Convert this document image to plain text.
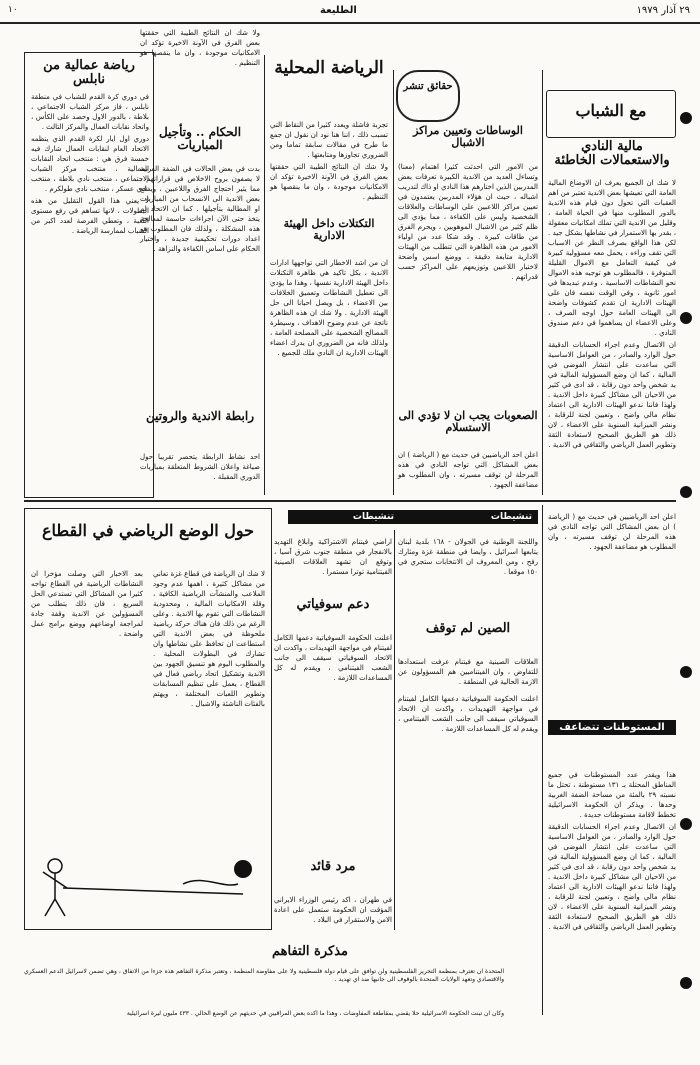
١٠	الطليعة	٢٩ آذار ١٩٧٩
مع الشباب
مالية النادي والاستعمالات الخاطئة

لا شك ان الجميع يعرف ان الاوضاع المالية العامة التي تعيشها بعض الاندية تعتبر من اهم العقبات التي تحول دون قيام هذه الاندية بالدور المطلوب منها في الحياة العامة ، وقليل من الاندية التي تملك امكانيات معقولة ، بقدر بها الاستمرار في نشاطها بشكل جيد . لكن هذا الواقع بصرف النظر عن الاسباب التي تقف وراءه ، يحمل معه مسؤولية كبيرة في كيفية التعامل مع الاموال القليلة المتوفرة ، فالمطلوب هو توجيه هذه الاموال نحو النشاطات الاساسية ، وعدم تبديدها في امور ثانوية ، وفي الوقت نفسه فان على الهيئات الادارية ان تقدم كشوفات واضحة الى الهيئات العامة حول اوجه الصرف ، وعلى الاعضاء ان يساهموا في دعم صندوق النادي .

ان الاتصال وعدم اجراء الحسابات الدقيقة حول الوارد والصادر ، من العوامل الاساسية التي ساعدت على انتشار الفوضى في المالية ، كما ان وضع المسؤولية المالية في يد شخص واحد دون رقابة ، قد ادى في كثير من الاحيان الى مشاكل كبيرة داخل الاندية . ولهذا فاننا ندعو الهيئات الادارية الى اعتماد نظام مالي واضح ، وتعيين لجنة للرقابة ، ونشر الميزانية السنوية على الاعضاء ، لان ذلك هو الطريق الصحيح لاستعادة الثقة وتطوير العمل الرياضي والثقافي في الاندية .

حقائق تنشر
الوساطات وتعيين مراكز الاشبال

من الامور التي احدثت كثيرا اهتمام (معنا) وتساءل العديد من الاندية الكبيرة تعرفات بعض المدربين الذين اختارهم هذا النادي او ذاك لتدريب اشباله ، حيث ان هؤلاء المدربين يعتمدون في تعيين مراكز اللاعبين على الوساطات والعلاقات الشخصية وليس على الكفاءة ، مما يؤدي الى ظلم كثير من الاشبال الموهوبين ، ويحرم الفرق من طاقات كبيرة . وقد شكا عدد من اولياء الامور من هذه الظاهرة التي تتطلب من الهيئات الادارية متابعة دقيقة ، ووضع اسس واضحة لاختيار اللاعبين وتوزيعهم على المراكز حسب قدراتهم .

الصعوبات يجب ان لا تؤدي الى الاستسلام

اعلن احد الرياضيين في حديث مع ( الرياضة ) ان بعض المشاكل التي تواجه النادي في هذه المرحلة لن توقف مسيرته ، وان المطلوب هو مضاعفة الجهود .

الرياضة المحلية

تجربة فاشلة ويعدد كثيرا من النقاط التي تسبب ذلك ، اننا هنا نود ان نقول ان جمع ما طرح في مقالات سابقة تماما ومن الضروري تجاوزها ومتابعتها .

ولا شك ان النتائج الطيبة التي حققتها بعض الفرق في الآونة الاخيرة تؤكد ان الامكانيات موجودة ، وان ما ينقصها هو التنظيم .

التكتلات داخل الهيئة الادارية

ان من اشد الاخطار التي تواجهها ادارات الاندية ، بكل تاكيد هي ظاهرة التكتلات داخل الهيئة الادارية نفسها ، وهذا ما يؤدي الى تعطيل النشاطات وتعميق الخلافات بين الاعضاء ، بل ويصل احيانا الى حل الهيئة الادارية . ولا شك ان هذه الظاهرة ناتجة عن عدم وضوح الاهداف ، وسيطرة المصالح الشخصية على المصلحة العامة ، ولذلك فانه من الضروري ان يدرك اعضاء الهيئات الادارية ان النادي ملك للجميع .

ولا شك ان النتائج الطيبة التي حققتها بعض الفرق في الآونة الاخيرة تؤكد ان الامكانيات موجودة ، وان ما ينقصها هو التنظيم .

الحكام .. وتأجيل المباريات

بدت في بعض الحالات في الضفة الغربية لا يصفون بروح الاخلاص في قراراتهم ، مما يثير احتجاج الفرق واللاعبين ، ويدفع بعض الاندية الى الانسحاب من المباريات او المطالبة بتأجيلها . كما ان الاتحاد لم يتخذ حتى الآن اجراءات حاسمة لمعالجة هذه المشكلة ، ولذلك فان المطلوب هو اعداد دورات تحكيمية جديدة ، واختيار الحكام على اساس الكفاءة والنزاهة .

رابطة الاندية والروتين

احد نشاط الرابطة يتحصر تقريبا حول صياغة واعلان الشروط المتعلقة بمباريات الدوري المقبلة .

رياضة عمالية من نابلس

في دوري كرة القدم للشباب في منطقة نابلس ، فاز مركز الشباب الاجتماعي ، بلاطة ، بالدور الاول وحصد على الكأس ، واتحاد نقابات العمال والمركز التالث .

دوري اول ايار لكرة القدم الذي ينظمه الاتحاد العام لنقابات العمال شارك فيه خمسة فرق هي : منتخب اتحاد النقابات العمالية ، منتخب مركز الشباب الاجتماعي ، منتخب نادي بلاطة ، منتخب نادي عسكر ، منتخب نادي طولكرم .

لا يعني هذا القول التقليل من هذه البطولات ، لانها تساهم في رفع مستوى اللعبة ، وتعطي الفرصة لعدد اكبر من الشباب لممارسة الرياضة .

المستوطنات تتضاعف

هذا ويقدر عدد المستوطنات في جميع المناطق المحتلة بـ ١٣١ مستوطنة ، تحتل ما نسبته ٢٩ بالمئة من مساحة الضفة الغربية وحدها . ويذكر ان الحكومة الاسرائيلية تخطط لاقامة مستوطنات جديدة .

ان الاتصال وعدم اجراء الحسابات الدقيقة حول الوارد والصادر ، من العوامل الاساسية التي ساعدت على انتشار الفوضى في المالية ، كما ان وضع المسؤولية المالية في يد شخص واحد دون رقابة ، قد ادى في كثير من الاحيان الى مشاكل كبيرة داخل الاندية . ولهذا فاننا ندعو الهيئات الادارية الى اعتماد نظام مالي واضح ، وتعيين لجنة للرقابة ، ونشر الميزانية السنوية على الاعضاء ، لان ذلك هو الطريق الصحيح لاستعادة الثقة وتطوير العمل الرياضي والثقافي في الاندية .

اعلن احد الرياضيين في حديث مع ( الرياضة ) ان بعض المشاكل التي تواجه النادي في هذه المرحلة لن توقف مسيرته ، وان المطلوب هو مضاعفة الجهود .

تنشيطات
تنشيطات

واللجنة الوطنية في الجولان - ١٦٨ بلدية لبنان يتابعها اسرائيل ، وايضا في منطقة غزة ومثارك رفح ، ومن المعروف ان الانتخابات ستجري في ١٥٠ موقعا .

الصين لم توقف

العلاقات الصينية مع فيتنام عرفت استعدادها للتفاوض ، وان الفيتناميين هم المسؤولون عن الازمة الحالية في المنطقة .

اعلنت الحكومة السوفياتية دعمها الكامل لفيتنام في مواجهة التهديدات ، واكدت ان الاتحاد السوفياتي سيقف الى جانب الشعب الفيتنامي ، ويقدم له كل المساعدات اللازمة .

اراضي فيتنام الاشتراكية وابلاغ التهديد بالانفجار في منطقة جنوب شرق آسيا ، وتوقع ان تشهد العلاقات الصينية الفيتنامية توترا مستمرا .

دعم سوفياتي

اعلنت الحكومة السوفياتية دعمها الكامل لفيتنام في مواجهة التهديدات ، واكدت ان الاتحاد السوفياتي سيقف الى جانب الشعب الفيتنامي ، ويقدم له كل المساعدات اللازمة .

مرد قائد

في طهران ، اكد رئيس الوزراء الايراني المؤقت ان الحكومة ستعمل على اعادة الامن والاستقرار في البلاد .

حول الوضع الرياضي في القطاع

لا شك ان الرياضة في قطاع غزة تعاني من مشاكل كثيرة ، اهمها عدم وجود الملاعب والمنشآت الرياضية الكافية ، وقلة الامكانيات المالية ، ومحدودية النشاطات التي تقوم بها الاندية . وعلى الرغم من ذلك فان هناك حركة رياضية ملحوظة في بعض الاندية التي استطاعت ان تحافظ على نشاطها وان تشارك في البطولات المحلية . والمطلوب اليوم هو تنسيق الجهود بين الاندية وتشكيل اتحاد رياضي فعال في القطاع ، يعمل على تنظيم المسابقات وتطوير اللعبات المختلفة ، ويهتم بالفئات الناشئة والاشبال .

بعد الاخبار التي وصلت مؤخرا ان النشاطات الرياضية في القطاع تواجه كثيرا من المشاكل التي تستدعي الحل السريع ، فان ذلك يتطلب من المسؤولين عن الاندية وقفة جادة لمراجعة اوضاعهم ووضع برامج عمل واضحة .

مذكرة التفاهم

المتحدة ان تعترف بمنظمة التحرير الفلسطينية ولن توافق على قيام دولة فلسطينية ولا على مفاوضة المنظمة ، وتعتبر مذكرة التفاهم هذه جزءا من الاتفاق ، وهي تضمن لاسرائيل الدعم العسكري والاقتصادي وتعهد الولايات المتحدة بالوقوف الى جانبها ضد اي تهديد .

وكان ان تبنت الحكومة الاسرائيلية حلا يقضي بمقاطعة المفاوضات ، وهذا ما اكده بعض المراقبين في حديثهم عن الوضع الحالي . ٤٣٣ مليون ليرة اسرائيلية
